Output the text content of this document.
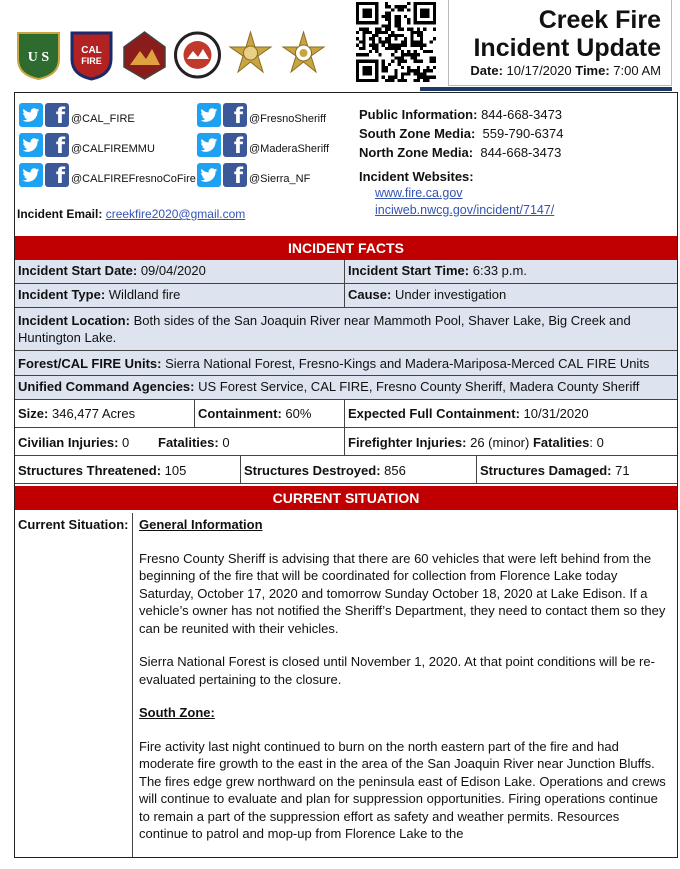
U S	CAL
FIRE
Creek Fire
Incident Update
Date: 10/17/2020 Time: 7:00 AM
f @CAL_FIRE	f @FresnoSheriff
f @CALFIREMMU	f @MaderaSheriff
f @CALFIREFresnoCoFire	f @Sierra_NF
Incident Email: creekfire2020@gmail.com
Public Information: 844-668-3473
South Zone Media: 559-790-6374
North Zone Media: 844-668-3473
Incident Websites:
www.fire.ca.gov
inciweb.nwcg.gov/incident/7147/
INCIDENT FACTS
Incident Start Date: 09/04/2020	Incident Start Time: 6:33 p.m.
Incident Type: Wildland fire	Cause: Under investigation
Incident Location: Both sides of the San Joaquin River near Mammoth Pool, Shaver Lake, Big Creek and Huntington Lake.
Forest/CAL FIRE Units: Sierra National Forest, Fresno-Kings and Madera-Mariposa-Merced CAL FIRE Units
Unified Command Agencies: US Forest Service, CAL FIRE, Fresno County Sheriff, Madera County Sheriff
Size: 346,477 Acres	Containment: 60%	Expected Full Containment: 10/31/2020
Civilian Injuries: 0	Fatalities: 0	Firefighter Injuries: 26 (minor) Fatalities: 0
Structures Threatened: 105	Structures Destroyed: 856	Structures Damaged: 71
CURRENT SITUATION
Current Situation: General Information

Fresno County Sheriff is advising that there are 60 vehicles that were left behind from the beginning of the fire that will be coordinated for collection from Florence Lake today Saturday, October 17, 2020 and tomorrow Sunday October 18, 2020 at Lake Edison. If a vehicle’s owner has not notified the Sheriff’s Department, they need to contact them so they can be reunited with their vehicles.

Sierra National Forest is closed until November 1, 2020. At that point conditions will be re-evaluated pertaining to the closure.

South Zone:

Fire activity last night continued to burn on the north eastern part of the fire and had moderate fire growth to the east in the area of the San Joaquin River near Junction Bluffs. The fires edge grew northward on the peninsula east of Edison Lake. Operations and crews will continue to evaluate and plan for suppression opportunities. Firing operations continue to remain a part of the suppression effort as safety and weather permits. Resources continue to patrol and mop-up from Florence Lake to the
